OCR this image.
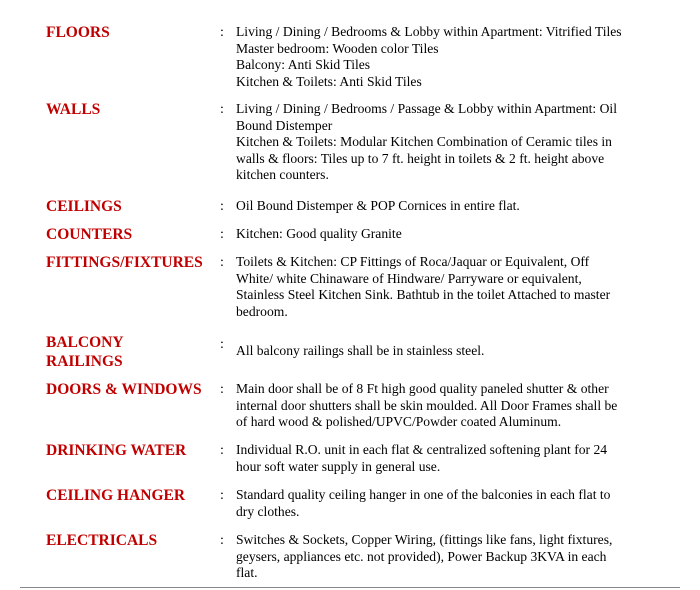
FLOORS	: Living / Dining / Bedrooms & Lobby within Apartment: Vitrified Tiles
Master bedroom: Wooden color Tiles
Balcony: Anti Skid Tiles
Kitchen & Toilets: Anti Skid Tiles
WALLS	: Living / Dining / Bedrooms / Passage & Lobby within Apartment: Oil
Bound Distemper
Kitchen & Toilets: Modular Kitchen Combination of Ceramic tiles in
walls & floors: Tiles up to 7 ft. height in toilets & 2 ft. height above
kitchen counters.
CEILINGS	: Oil Bound Distemper & POP Cornices in entire flat.
COUNTERS	: Kitchen: Good quality Granite
FITTINGS/FIXTURES	: Toilets & Kitchen: CP Fittings of Roca/Jaquar or Equivalent, Off
White/ white Chinaware of Hindware/ Parryware or equivalent,
Stainless Steel Kitchen Sink. Bathtub in the toilet Attached to master
bedroom.
BALCONY
RAILINGS
: All balcony railings shall be in stainless steel.
DOORS & WINDOWS	: Main door shall be of 8 Ft high good quality paneled shutter & other
internal door shutters shall be skin moulded. All Door Frames shall be
of hard wood & polished/UPVC/Powder coated Aluminum.
DRINKING WATER	: Individual R.O. unit in each flat & centralized softening plant for 24
hour soft water supply in general use.
CEILING HANGER	: Standard quality ceiling hanger in one of the balconies in each flat to
dry clothes.
ELECTRICALS	: Switches & Sockets, Copper Wiring, (fittings like fans, light fixtures,
geysers, appliances etc. not provided), Power Backup 3KVA in each
flat.
